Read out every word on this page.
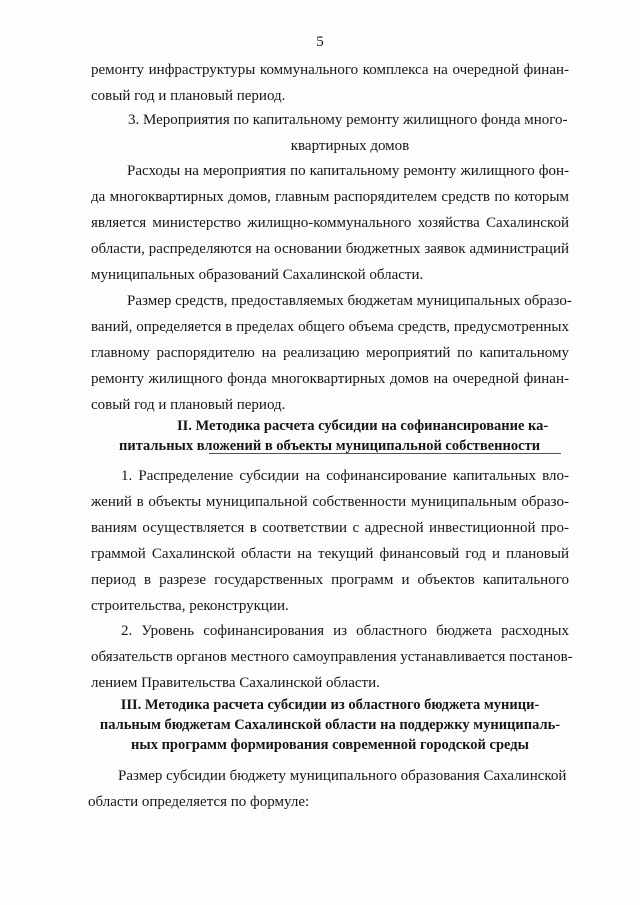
5
ремонту инфраструктуры коммунального комплекса на очередной финан-
совый год и плановый период.
3. Мероприятия по капитальному ремонту жилищного фонда много-
квартирных домов
Расходы на мероприятия по капитальному ремонту жилищного фон-
да многоквартирных домов, главным распорядителем средств по которым
является министерство жилищно-коммунального хозяйства Сахалинской
области, распределяются на основании бюджетных заявок администраций
муниципальных образований Сахалинской области.
Размер средств, предоставляемых бюджетам муниципальных образо-
ваний, определяется в пределах общего объема средств, предусмотренных
главному распорядителю на реализацию мероприятий по капитальному
ремонту жилищного фонда многоквартирных домов на очередной финан-
совый год и плановый период.
II. Методика расчета субсидии на софинансирование ка-
питальных вложений в объекты муниципальной собственности
1. Распределение субсидии на софинансирование капитальных вло-
жений в объекты муниципальной собственности муниципальным образо-
ваниям осуществляется в соответствии с адресной инвестиционной про-
граммой Сахалинской области на текущий финансовый год и плановый
период в разрезе государственных программ и объектов капитального
строительства, реконструкции.
2. Уровень софинансирования из областного бюджета расходных
обязательств органов местного самоуправления устанавливается постанов-
лением Правительства Сахалинской области.
III. Методика расчета субсидии из областного бюджета муници-
пальным бюджетам Сахалинской области на поддержку муниципаль-
ных программ формирования современной городской среды
Размер субсидии бюджету муниципального образования Сахалинской
области определяется по формуле:
